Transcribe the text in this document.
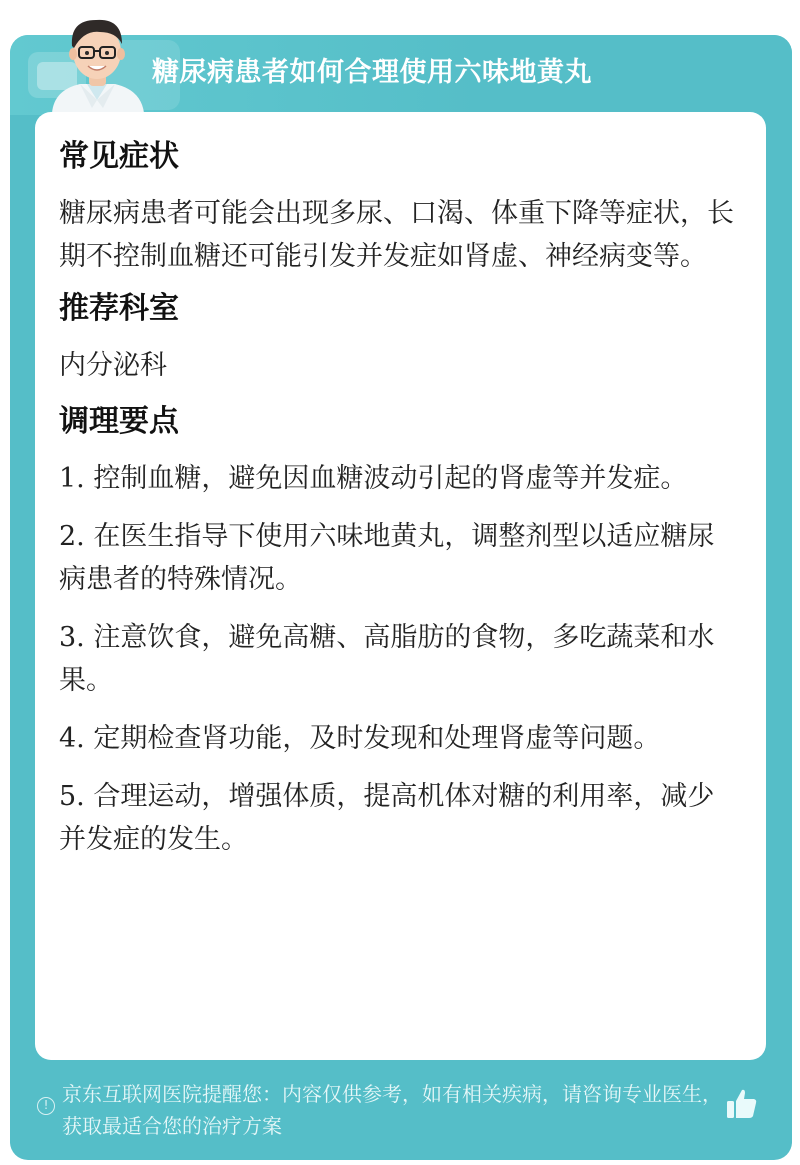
糖尿病患者如何合理使用六味地黄丸
常见症状
糖尿病患者可能会出现多尿、口渴、体重下降等症状，长期不控制血糖还可能引发并发症如肾虚、神经病变等。
推荐科室
内分泌科
调理要点
1. 控制血糖，避免因血糖波动引起的肾虚等并发症。
2. 在医生指导下使用六味地黄丸，调整剂型以适应糖尿病患者的特殊情况。
3. 注意饮食，避免高糖、高脂肪的食物，多吃蔬菜和水果。
4. 定期检查肾功能，及时发现和处理肾虚等问题。
5. 合理运动，增强体质，提高机体对糖的利用率，减少并发症的发生。
! 京东互联网医院提醒您：内容仅供参考，如有相关疾病，请咨询专业医生，获取最适合您的治疗方案
